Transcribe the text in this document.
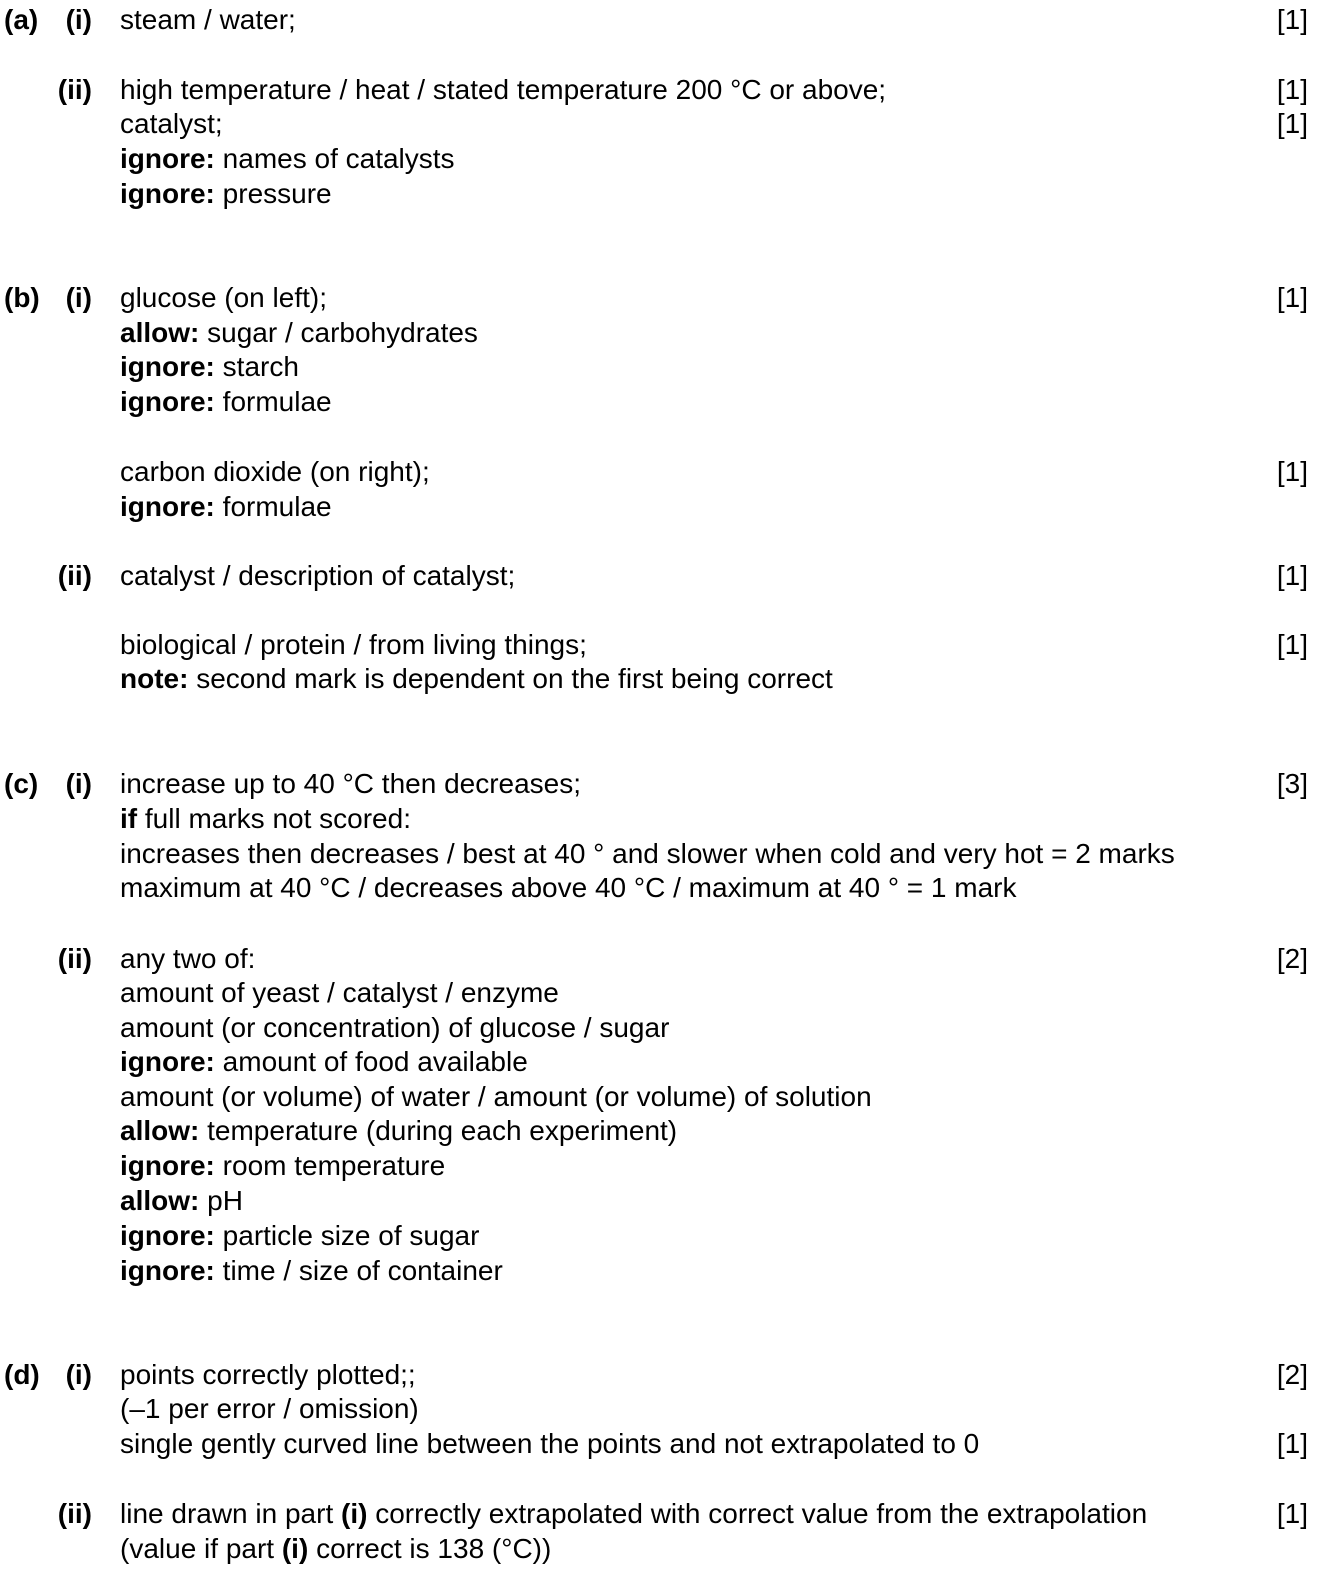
(a) (i) steam / water;	[1]
(ii) high temperature / heat / stated temperature 200 °C or above;	[1]
catalyst;	[1]
ignore: names of catalysts
ignore: pressure
(b) (i) glucose (on left);	[1]
allow: sugar / carbohydrates
ignore: starch
ignore: formulae
carbon dioxide (on right);	[1]
ignore: formulae
(ii) catalyst / description of catalyst;	[1]
biological / protein / from living things;	[1]
note: second mark is dependent on the first being correct
(c) (i) increase up to 40 °C then decreases;	[3]
if full marks not scored:
increases then decreases / best at 40 ° and slower when cold and very hot = 2 marks
maximum at 40 °C / decreases above 40 °C / maximum at 40 ° = 1 mark
(ii) any two of:	[2]
amount of yeast / catalyst / enzyme
amount (or concentration) of glucose / sugar
ignore: amount of food available
amount (or volume) of water / amount (or volume) of solution
allow: temperature (during each experiment)
ignore: room temperature
allow: pH
ignore: particle size of sugar
ignore: time / size of container
(d) (i) points correctly plotted;;	[2]
(–1 per error / omission)
single gently curved line between the points and not extrapolated to 0	[1]
(ii) line drawn in part (i) correctly extrapolated with correct value from the extrapolation	[1]
(value if part (i) correct is 138 (°C))
